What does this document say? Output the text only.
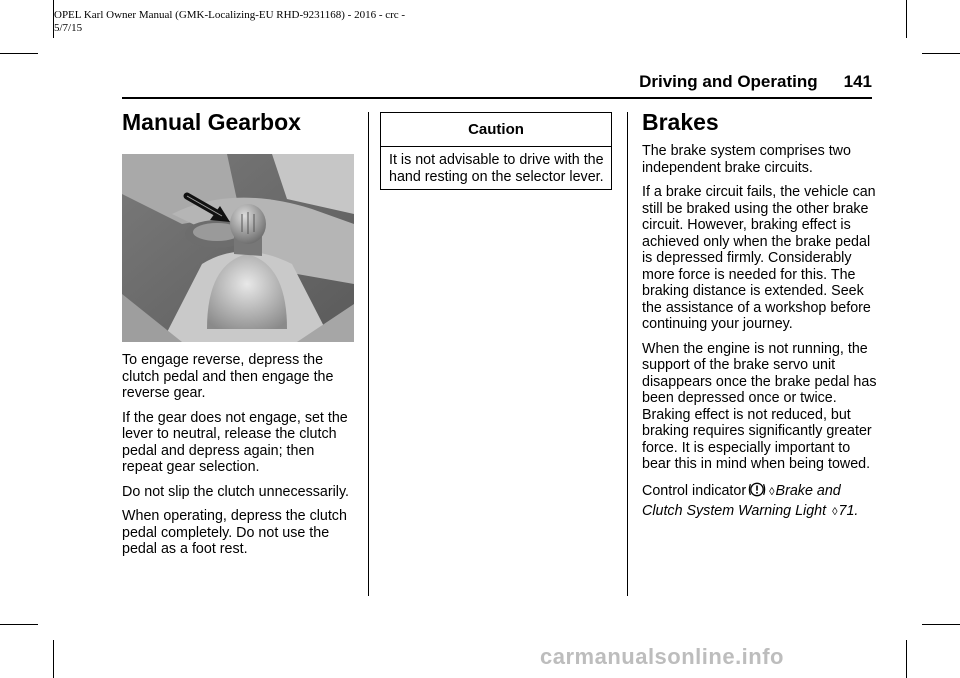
OPEL Karl Owner Manual (GMK-Localizing-EU RHD-9231168) - 2016 - crc -
5/7/15
Driving and Operating 141
Manual Gearbox

To engage reverse, depress the clutch pedal and then engage the reverse gear.

If the gear does not engage, set the lever to neutral, release the clutch pedal and depress again; then repeat gear selection.

Do not slip the clutch unnecessarily.

When operating, depress the clutch pedal completely. Do not use the pedal as a foot rest.

Caution
It is not advisable to drive with the hand resting on the selector lever.
Brakes

The brake system comprises two independent brake circuits.

If a brake circuit fails, the vehicle can still be braked using the other brake circuit. However, braking effect is achieved only when the brake pedal is depressed firmly. Considerably more force is needed for this. The braking distance is extended. Seek the assistance of a workshop before continuing your journey.

When the engine is not running, the support of the brake servo unit disappears once the brake pedal has been depressed once or twice. Braking effect is not reduced, but braking requires significantly greater force. It is especially important to bear this in mind when being towed.

Control indicator ◊Brake and Clutch System Warning Light ◊71.

carmanualsonline.info
